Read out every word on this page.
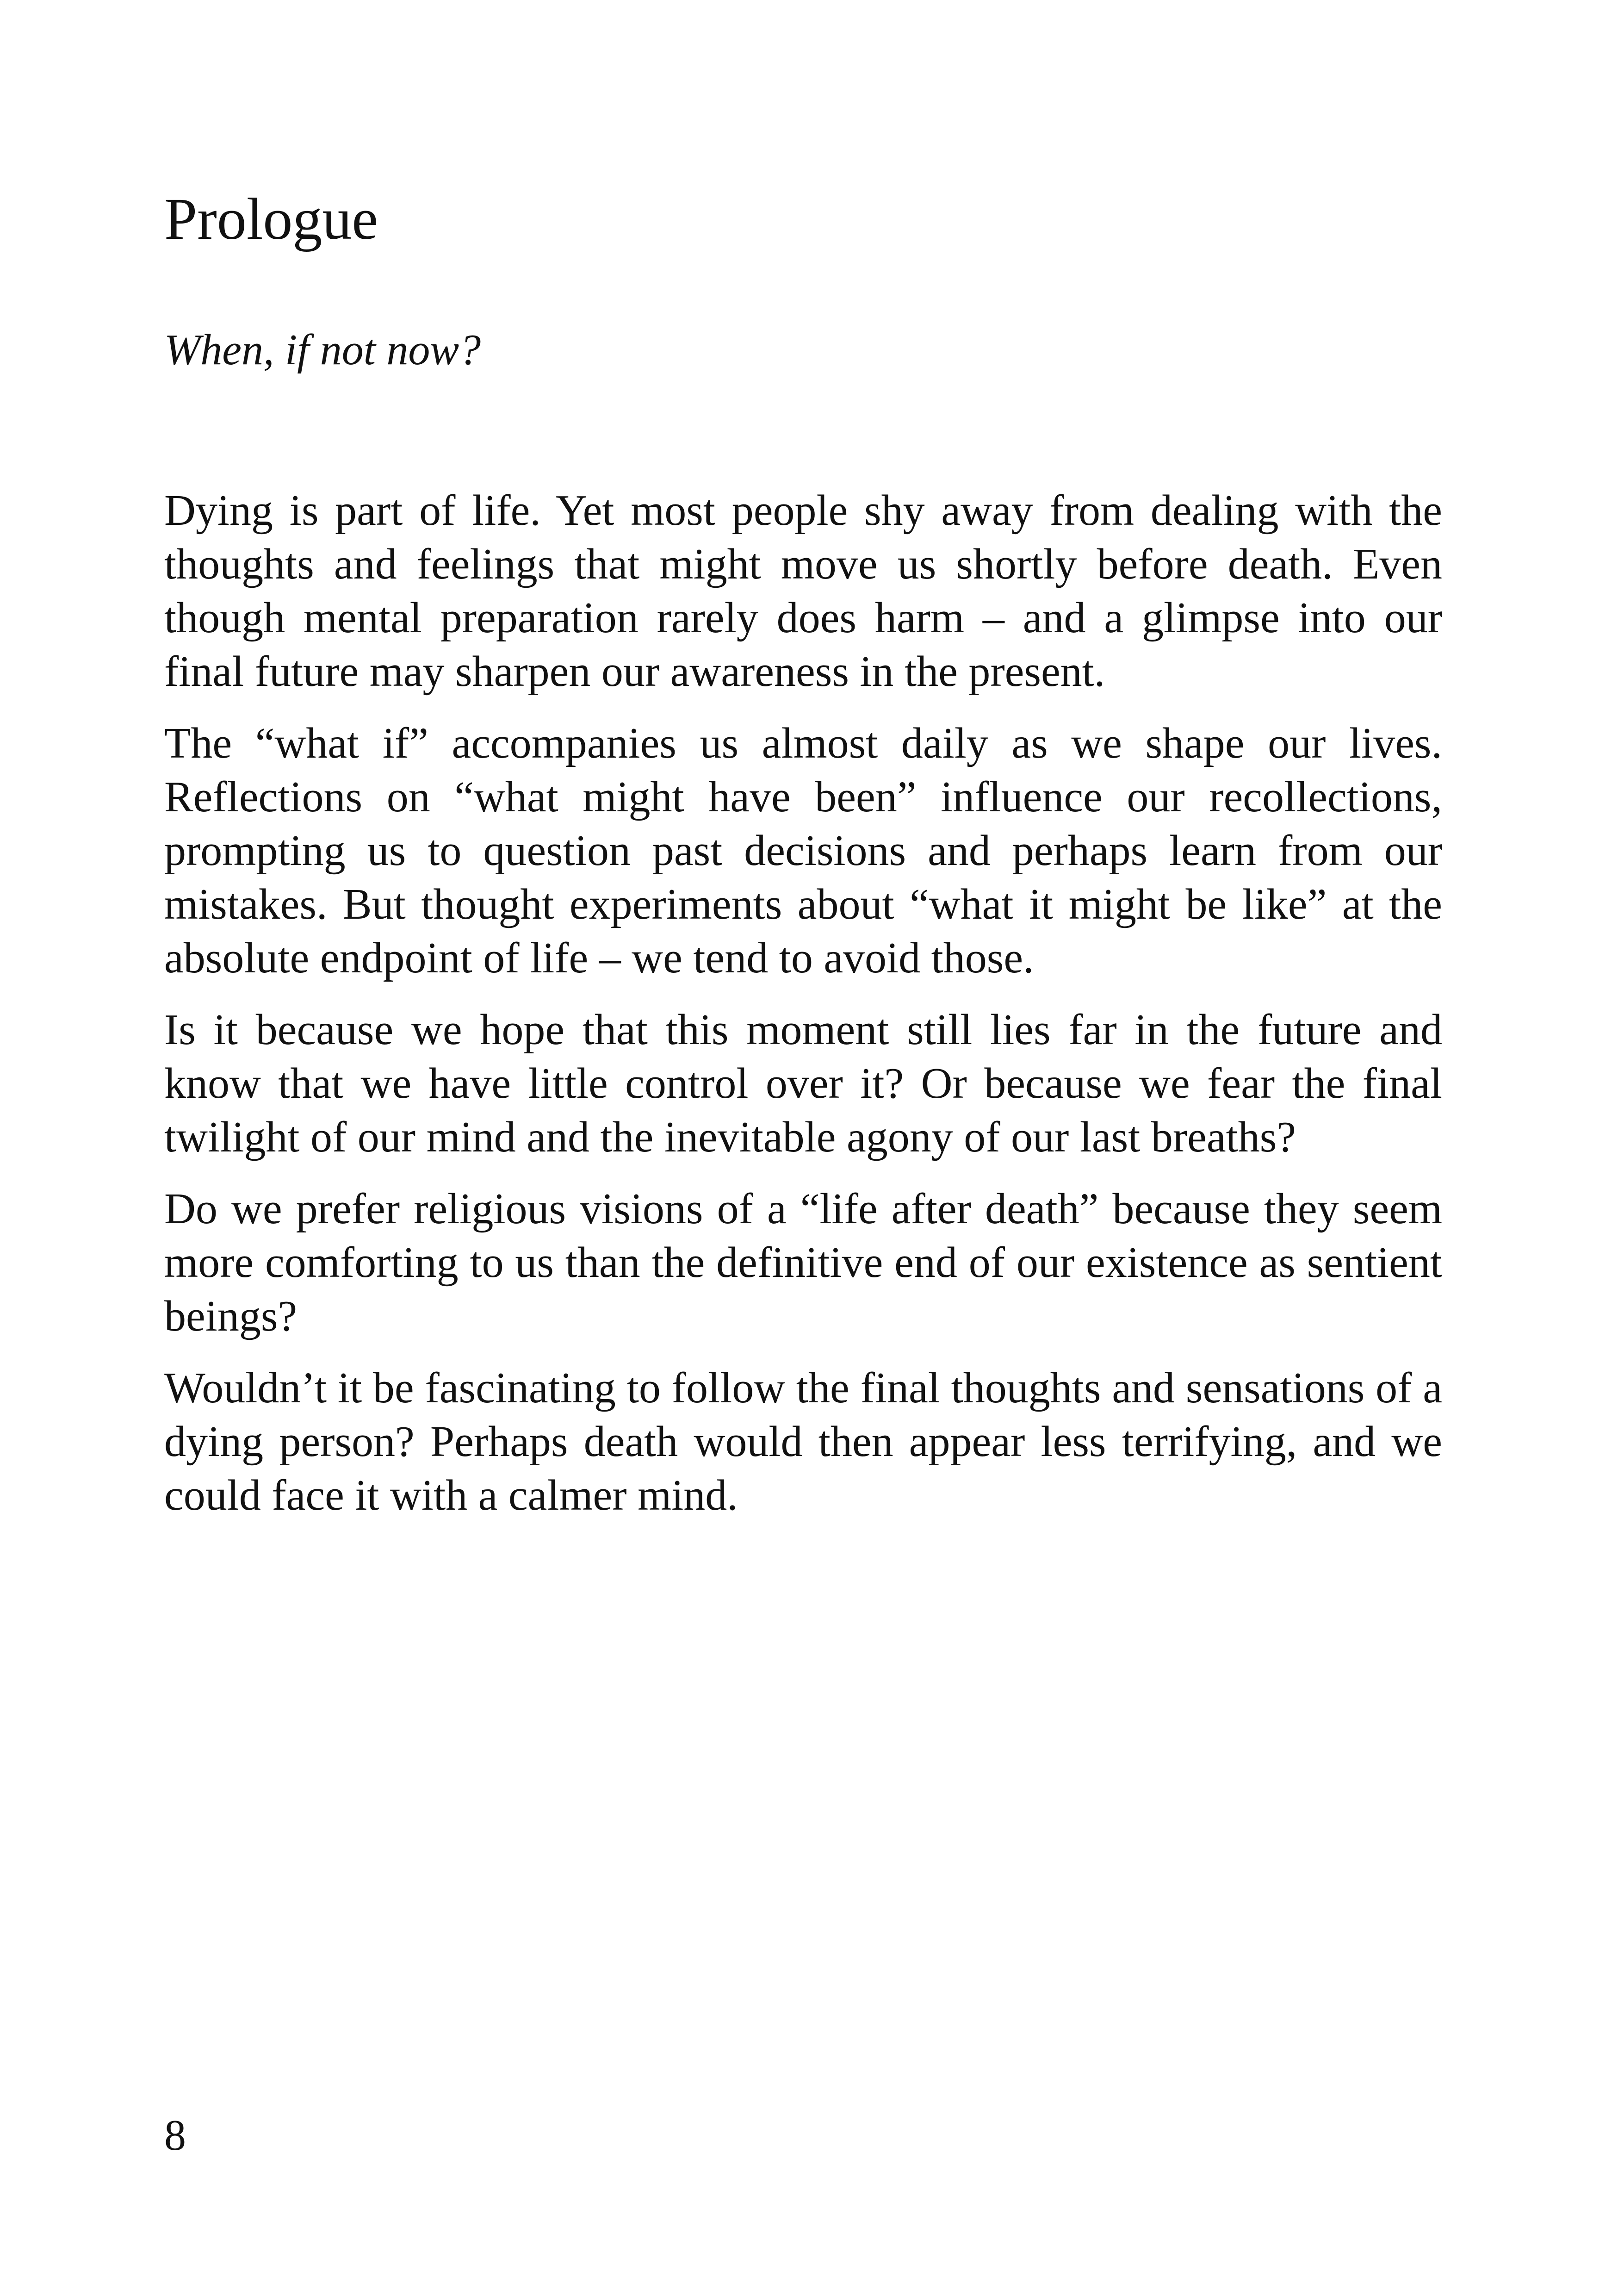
Prologue

When, if not now?

Dying is part of life. Yet most people shy away from dealing with the thoughts and feelings that might move us shortly before death. Even though mental preparation rarely does harm – and a glimpse into our final future may sharpen our awareness in the present.

The “what if” accompanies us almost daily as we shape our lives. Reflections on “what might have been” influence our recollections, prompting us to question past decisions and perhaps learn from our mistakes. But thought experiments about “what it might be like” at the absolute endpoint of life – we tend to avoid those.

Is it because we hope that this moment still lies far in the future and know that we have little control over it? Or because we fear the final twilight of our mind and the inevitable agony of our last breaths?

Do we prefer religious visions of a “life after death” because they seem more comforting to us than the definitive end of our existence as sentient beings?

Wouldn’t it be fascinating to follow the final thoughts and sensations of a dying person? Perhaps death would then appear less terrifying, and we could face it with a calmer mind.

8
